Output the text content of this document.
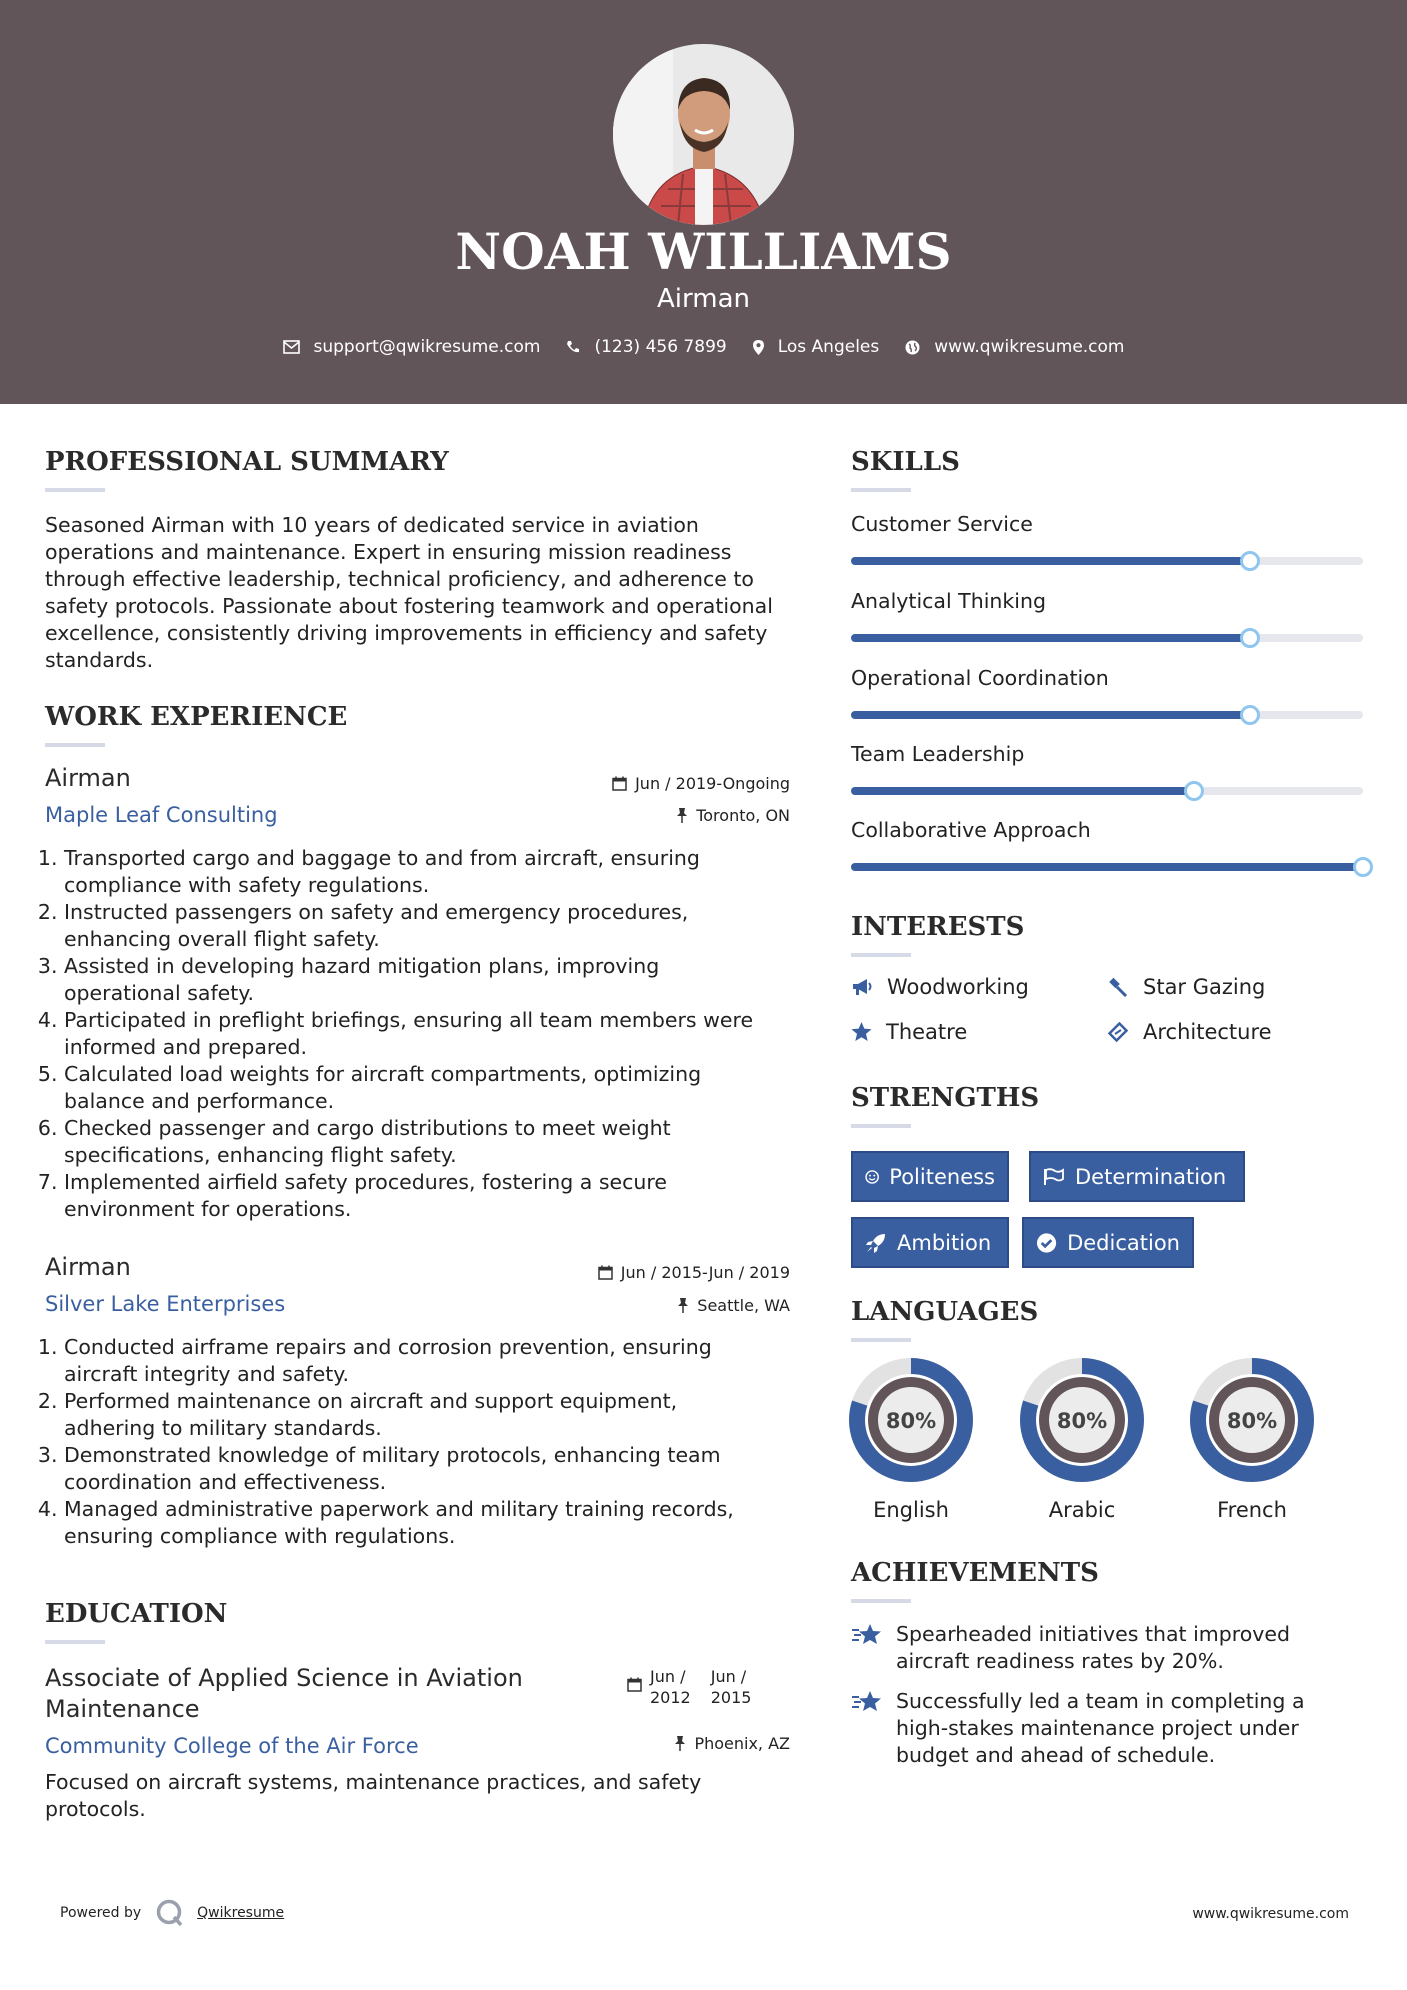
NOAH WILLIAMS
Airman
support@qwikresume.com	(123) 456 7899	Los Angeles	www.qwikresume.com
PROFESSIONAL SUMMARY
Seasoned Airman with 10 years of dedicated service in aviation
operations and maintenance. Expert in ensuring mission readiness
through effective leadership, technical proficiency, and adherence to
safety protocols. Passionate about fostering teamwork and operational
excellence, consistently driving improvements in efficiency and safety
standards.
WORK EXPERIENCE
Airman	Jun / 2019-Ongoing
Maple Leaf Consulting	Toronto, ON
1. Transported cargo and baggage to and from aircraft, ensuring
compliance with safety regulations.
2. Instructed passengers on safety and emergency procedures,
enhancing overall flight safety.
3. Assisted in developing hazard mitigation plans, improving
operational safety.
4. Participated in preflight briefings, ensuring all team members were
informed and prepared.
5. Calculated load weights for aircraft compartments, optimizing
balance and performance.
6. Checked passenger and cargo distributions to meet weight
specifications, enhancing flight safety.
7. Implemented airfield safety procedures, fostering a secure
environment for operations.
Airman	Jun / 2015-Jun / 2019
Silver Lake Enterprises	Seattle, WA
1. Conducted airframe repairs and corrosion prevention, ensuring
aircraft integrity and safety.
2. Performed maintenance on aircraft and support equipment,
adhering to military standards.
3. Demonstrated knowledge of military protocols, enhancing team
coordination and effectiveness.
4. Managed administrative paperwork and military training records,
ensuring compliance with regulations.
EDUCATION
Associate of Applied Science in Aviation
Maintenance
Jun /
2012
Jun /
2015
Community College of the Air Force	Phoenix, AZ
Focused on aircraft systems, maintenance practices, and safety
protocols.
SKILLS
Customer Service
Analytical Thinking
Operational Coordination
Team Leadership
Collaborative Approach
INTERESTS
Woodworking	Star Gazing
Theatre	Architecture
STRENGTHS
Politeness	Determination
Ambition	Dedication
LANGUAGES
80%
English
80%
Arabic
80%
French
ACHIEVEMENTS
Spearheaded initiatives that improved
aircraft readiness rates by 20%.
Successfully led a team in completing a
high-stakes maintenance project under
budget and ahead of schedule.
Powered by	Qwikresume	www.qwikresume.com
